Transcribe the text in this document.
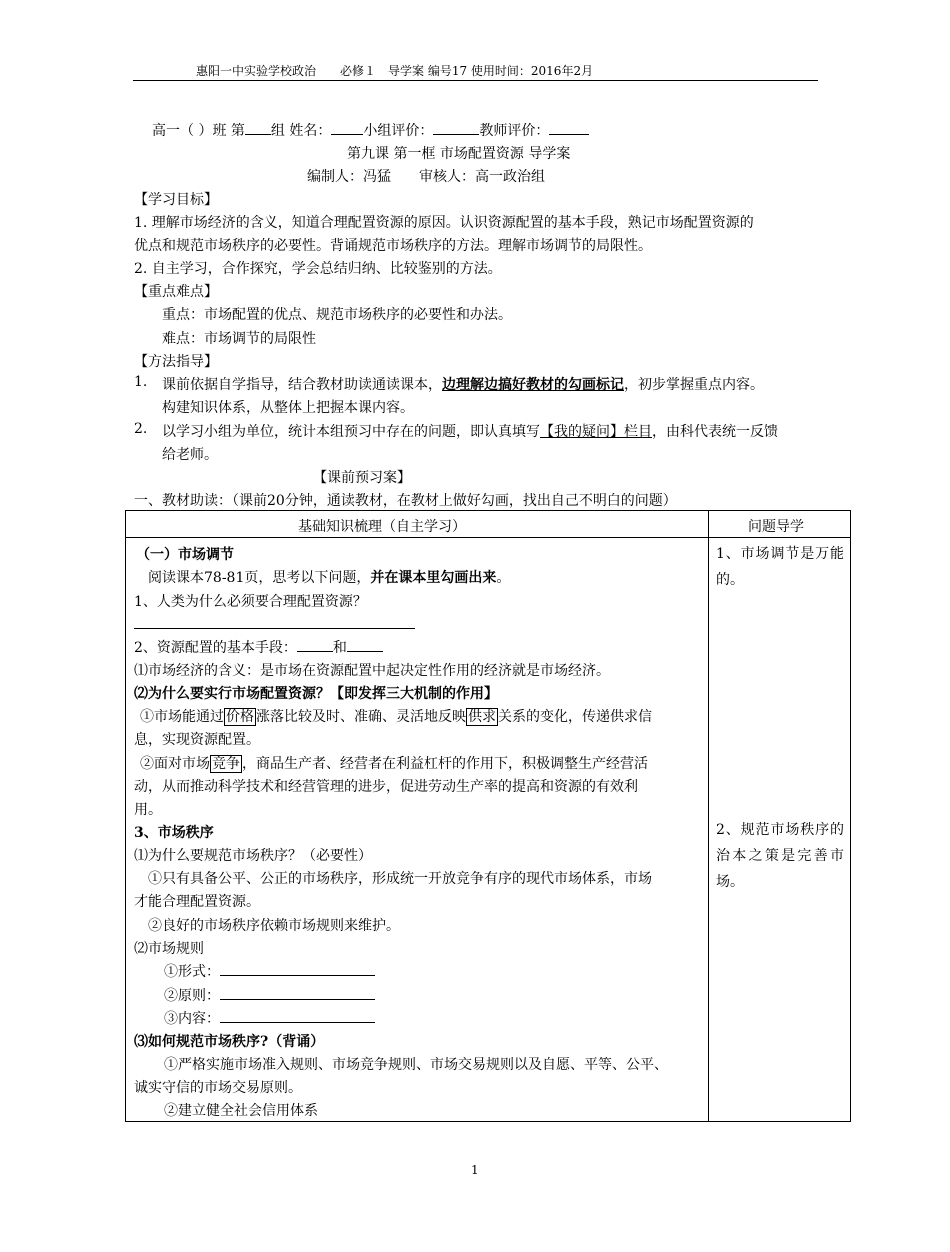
惠阳一中实验学校政治　　必修１　导学案 编号17 使用时间：2016年2月
高一（ ）班 第 组 姓名： 小组评价：	教师评价：
第九课 第一框 市场配置资源 导学案
编制人：冯猛　　审核人：高一政治组
【学习目标】
1. 理解市场经济的含义，知道合理配置资源的原因。认识资源配置的基本手段，熟记市场配置资源的
优点和规范市场秩序的必要性。背诵规范市场秩序的方法。理解市场调节的局限性。
2. 自主学习，合作探究，学会总结归纳、比较鉴别的方法。
【重点难点】
重点：市场配置的优点、规范市场秩序的必要性和办法。
难点：市场调节的局限性
【方法指导】
1. 课前依据自学指导，结合教材助读通读课本，边理解边搞好教材的勾画标记，初步掌握重点内容。
构建知识体系，从整体上把握本课内容。
2. 以学习小组为单位，统计本组预习中存在的问题，即认真填写【我的疑问】栏目，由科代表统一反馈
给老师。
【课前预习案】
一、教材助读：（课前20分钟，通读教材，在教材上做好勾画，找出自己不明白的问题）
基础知识梳理（自主学习）	问题导学
（一）市场调节
阅读课本78-81页，思考以下问题，并在课本里勾画出来。
1、人类为什么必须要合理配置资源？
2、资源配置的基本手段：	和
⑴市场经济的含义：是市场在资源配置中起决定性作用的经济就是市场经济。
⑵为什么要实行市场配置资源？【即发挥三大机制的作用】
①市场能通过 价格 涨落比较及时、准确、灵活地反映 供求 关系的变化，传递供求信
息，实现资源配置。
②面对市场 竞争 ，商品生产者、经营者在利益杠杆的作用下，积极调整生产经营活
动，从而推动科学技术和经营管理的进步，促进劳动生产率的提高和资源的有效利
用。
3、市场秩序
⑴为什么要规范市场秩序？（必要性）
①只有具备公平、公正的市场秩序，形成统一开放竞争有序的现代市场体系，市场
才能合理配置资源。
②良好的市场秩序依赖市场规则来维护。
⑵市场规则
①形式：
②原则：
③内容：
⑶如何规范市场秩序?（背诵）
①严格实施市场准入规则、市场竞争规则、市场交易规则以及自愿、平等、公平、
诚实守信的市场交易原则。
②建立健全社会信用体系
1、市场调节是万能的。
2、规范市场秩序的治本之策是完善市场。
1
